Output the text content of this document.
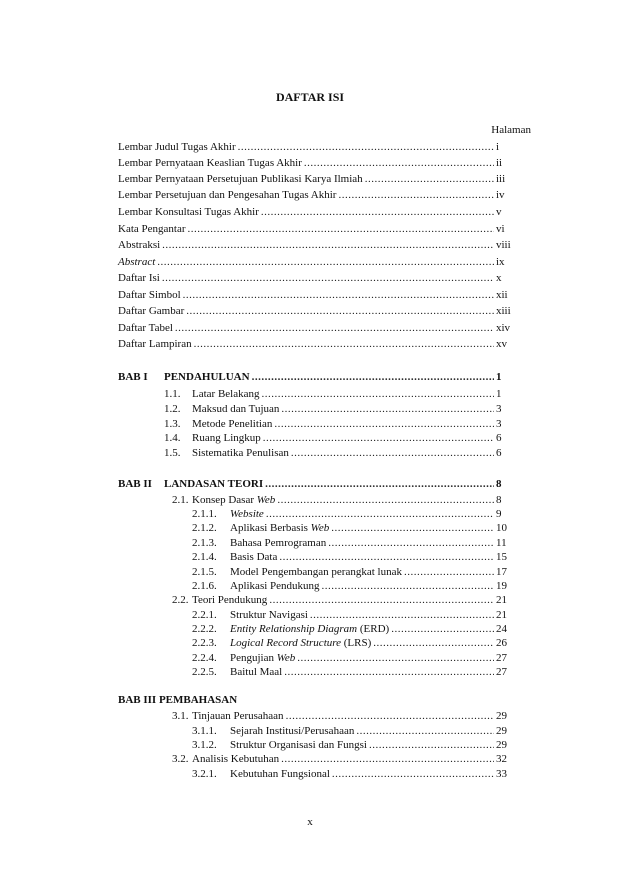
DAFTAR ISI
Halaman
Lembar Judul Tugas Akhir .....	i
Lembar Pernyataan Keaslian Tugas Akhir .....	ii
Lembar Pernyataan Persetujuan Publikasi Karya Ilmiah .....	iii
Lembar Persetujuan dan Pengesahan Tugas Akhir .....	iv
Lembar Konsultasi Tugas Akhir .....	v
Kata Pengantar .....	vi
Abstraksi .....	viii
Abstract .....	ix
Daftar Isi .....	x
Daftar Simbol .....	xii
Daftar Gambar .....	xiii
Daftar Tabel .....	xiv
Daftar Lampiran .....	xv
BAB I	PENDAHULUAN .....	1
1.1.	Latar Belakang .....	1
1.2.	Maksud dan Tujuan .....	3
1.3.	Metode Penelitian .....	3
1.4.	Ruang Lingkup .....	6
1.5.	Sistematika Penulisan .....	6
BAB II	LANDASAN TEORI .....	8
2.1. Konsep Dasar Web .....	8
2.1.1.	Website .....	9
2.1.2.	Aplikasi Berbasis Web .....	10
2.1.3.	Bahasa Pemrograman .....	11
2.1.4.	Basis Data .....	15
2.1.5.	Model Pengembangan perangkat lunak .....	17
2.1.6.	Aplikasi Pendukung .....	19
2.2. Teori Pendukung .....	21
2.2.1.	Struktur Navigasi .....	21
2.2.2.	Entity Relationship Diagram (ERD) .....	24
2.2.3.	Logical Record Structure (LRS) .....	26
2.2.4.	Pengujian Web .....	27
2.2.5.	Baitul Maal .....	27
BAB III PEMBAHASAN
3.1. Tinjauan Perusahaan .....	29
3.1.1.	Sejarah Institusi/Perusahaan .....	29
3.1.2.	Struktur Organisasi dan Fungsi .....	29
3.2. Analisis Kebutuhan .....	32
3.2.1.	Kebutuhan Fungsional .....	33
x
